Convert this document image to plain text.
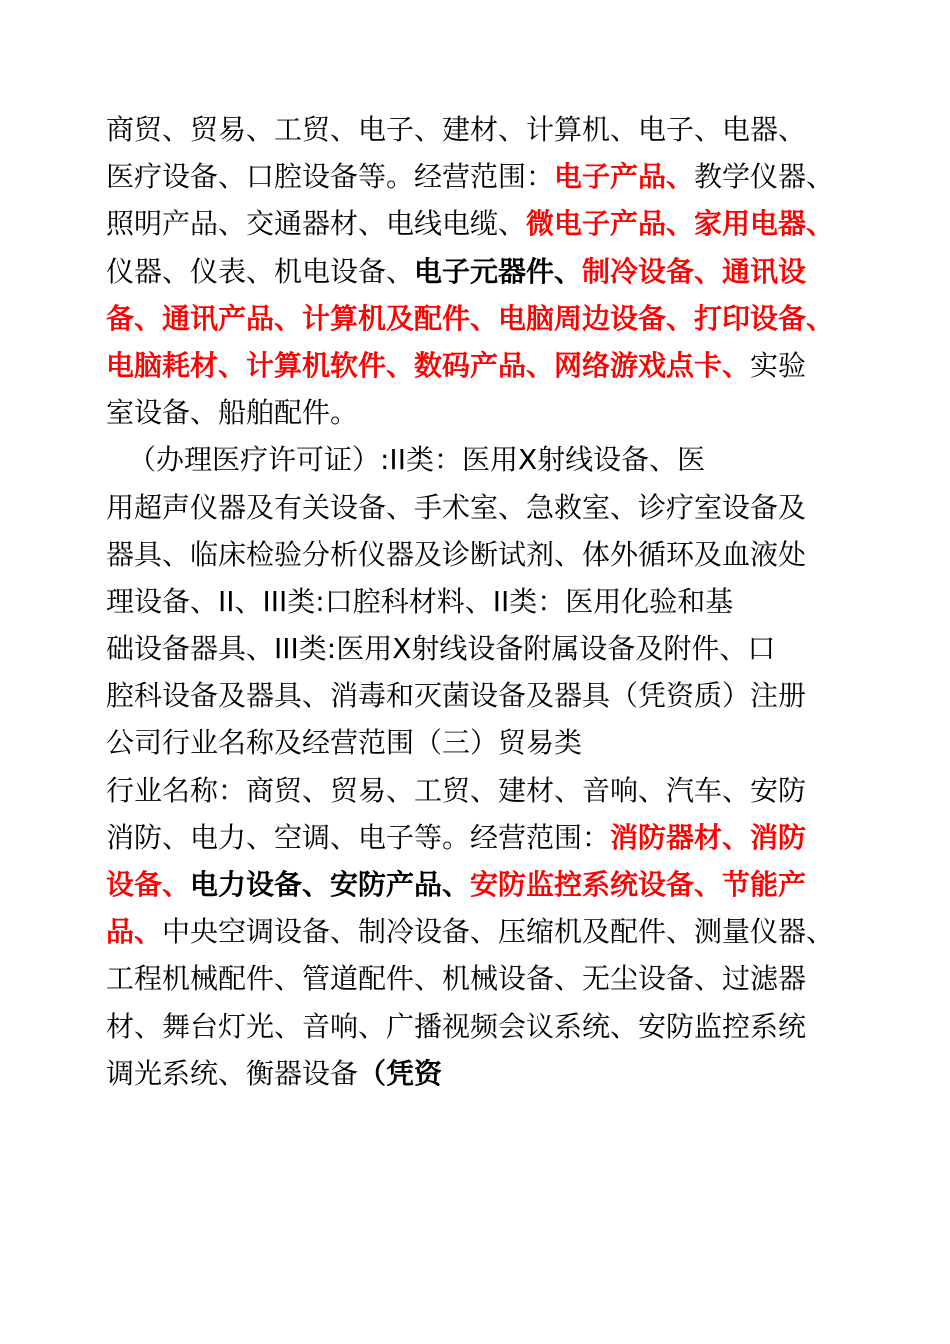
商贸、贸易、工贸、电子、建材、计算机、电子、电器、
医疗设备、口腔设备等。经营范围：电子产品、教学仪器、
照明产品、交通器材、电线电缆、微电子产品、家用电器、
仪器、仪表、机电设备、电子元器件、制冷设备、通讯设
备、通讯产品、计算机及配件、电脑周边设备、打印设备、
电脑耗材、计算机软件、数码产品、网络游戏点卡、实验
室设备、船舶配件。
（办理医疗许可证）:II类：医用X射线设备、医
用超声仪器及有关设备、手术室、急救室、诊疗室设备及
器具、临床检验分析仪器及诊断试剂、体外循环及血液处
理设备、II、III类:口腔科材料、II类：医用化验和基
础设备器具、III类:医用X射线设备附属设备及附件、口
腔科设备及器具、消毒和灭菌设备及器具（凭资质）注册
公司行业名称及经营范围（三）贸易类
行业名称：商贸、贸易、工贸、建材、音响、汽车、安防
消防、电力、空调、电子等。经营范围：消防器材、消防
设备、电力设备、安防产品、安防监控系统设备、节能产
品、中央空调设备、制冷设备、压缩机及配件、测量仪器、
工程机械配件、管道配件、机械设备、无尘设备、过滤器
材、舞台灯光、音响、广播视频会议系统、安防监控系统
调光系统、衡器设备（凭资
